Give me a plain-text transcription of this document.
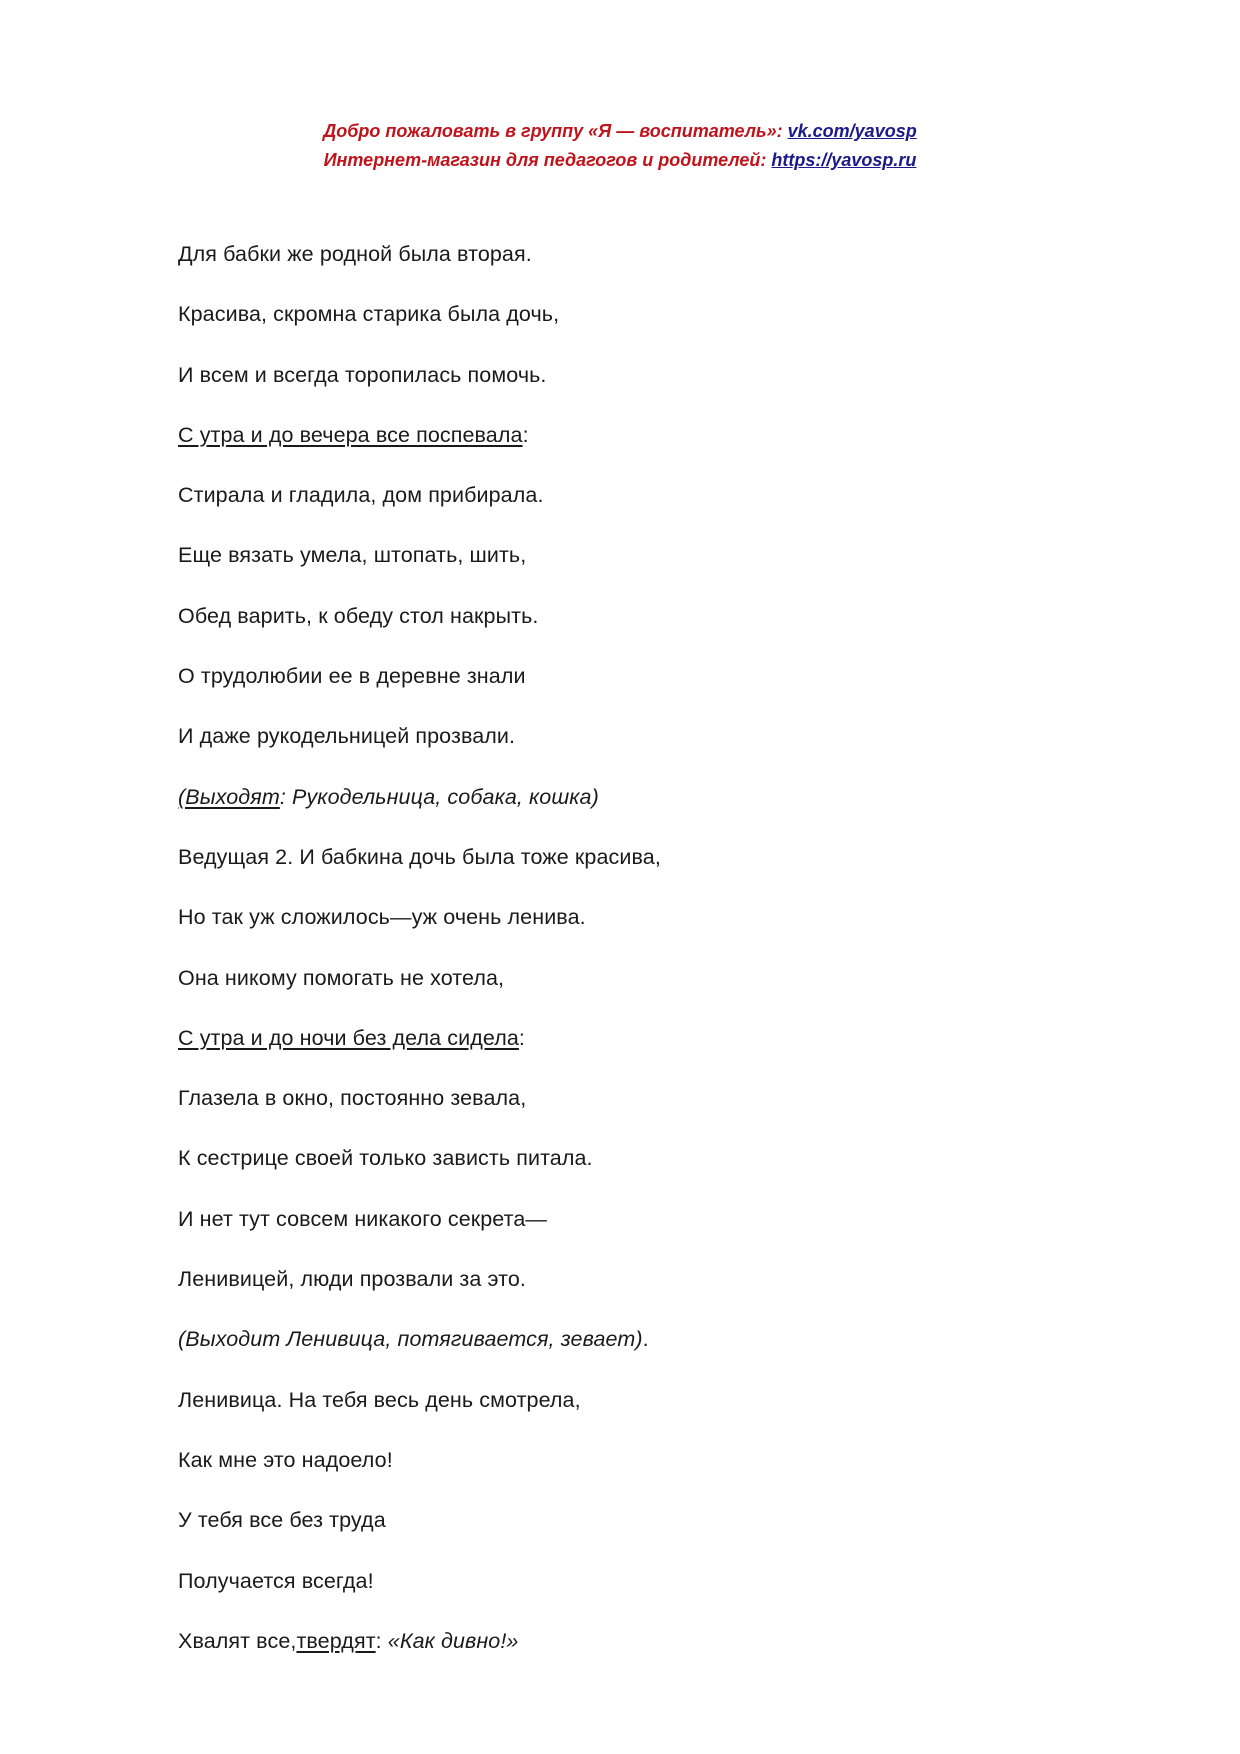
Добро пожаловать в группу «Я — воспитатель»: vk.com/yavosp
Интернет-магазин для педагогов и родителей: https://yavosp.ru
Для бабки же родной была вторая.
Красива, скромна старика была дочь,
И всем и всегда торопилась помочь.
С утра и до вечера все поспевала:
Стирала и гладила, дом прибирала.
Еще вязать умела, штопать, шить,
Обед варить, к обеду стол накрыть.
О трудолюбии ее в деревне знали
И даже рукодельницей прозвали.
(Выходят: Рукодельница, собака, кошка)
Ведущая 2. И бабкина дочь была тоже красива,
Но так уж сложилось—уж очень ленива.
Она никому помогать не хотела,
С утра и до ночи без дела сидела:
Глазела в окно, постоянно зевала,
К сестрице своей только зависть питала.
И нет тут совсем никакого секрета—
Ленивицей, люди прозвали за это.
(Выходит Ленивица, потягивается, зевает).
Ленивица. На тебя весь день смотрела,
Как мне это надоело!
У тебя все без труда
Получается всегда!
Хвалят все,твердят: «Как дивно!»
